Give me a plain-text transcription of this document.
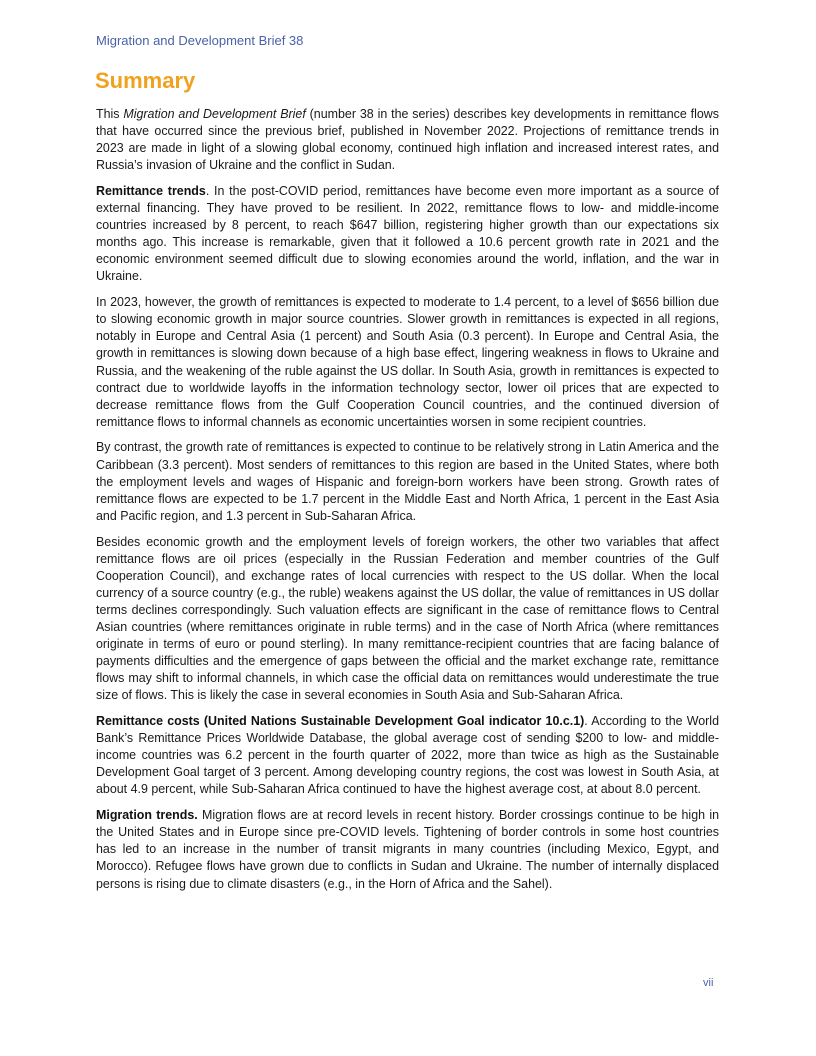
Migration and Development Brief 38
Summary

This Migration and Development Brief (number 38 in the series) describes key developments in remittance flows that have occurred since the previous brief, published in November 2022. Projections of remittance trends in 2023 are made in light of a slowing global economy, continued high inflation and increased interest rates, and Russia’s invasion of Ukraine and the conflict in Sudan.

Remittance trends. In the post-COVID period, remittances have become even more important as a source of external financing. They have proved to be resilient. In 2022, remittance flows to low- and middle-income countries increased by 8 percent, to reach $647 billion, registering higher growth than our expectations six months ago. This increase is remarkable, given that it followed a 10.6 percent growth rate in 2021 and the economic environment seemed difficult due to slowing economies around the world, inflation, and the war in Ukraine.

In 2023, however, the growth of remittances is expected to moderate to 1.4 percent, to a level of $656 billion due to slowing economic growth in major source countries. Slower growth in remittances is expected in all regions, notably in Europe and Central Asia (1 percent) and South Asia (0.3 percent). In Europe and Central Asia, the growth in remittances is slowing down because of a high base effect, lingering weakness in flows to Ukraine and Russia, and the weakening of the ruble against the US dollar. In South Asia, growth in remittances is expected to contract due to worldwide layoffs in the information technology sector, lower oil prices that are expected to decrease remittance flows from the Gulf Cooperation Council countries, and the continued diversion of remittance flows to informal channels as economic uncertainties worsen in some recipient countries.

By contrast, the growth rate of remittances is expected to continue to be relatively strong in Latin America and the Caribbean (3.3 percent). Most senders of remittances to this region are based in the United States, where both the employment levels and wages of Hispanic and foreign-born workers have been strong. Growth rates of remittance flows are expected to be 1.7 percent in the Middle East and North Africa, 1 percent in the East Asia and Pacific region, and 1.3 percent in Sub-Saharan Africa.

Besides economic growth and the employment levels of foreign workers, the other two variables that affect remittance flows are oil prices (especially in the Russian Federation and member countries of the Gulf Cooperation Council), and exchange rates of local currencies with respect to the US dollar. When the local currency of a source country (e.g., the ruble) weakens against the US dollar, the value of remittances in US dollar terms declines correspondingly. Such valuation effects are significant in the case of remittance flows to Central Asian countries (where remittances originate in ruble terms) and in the case of North Africa (where remittances originate in terms of euro or pound sterling). In many remittance-recipient countries that are facing balance of payments difficulties and the emergence of gaps between the official and the market exchange rate, remittance flows may shift to informal channels, in which case the official data on remittances would underestimate the true size of flows. This is likely the case in several economies in South Asia and Sub-Saharan Africa.

Remittance costs (United Nations Sustainable Development Goal indicator 10.c.1). According to the World Bank’s Remittance Prices Worldwide Database, the global average cost of sending $200 to low- and middle-income countries was 6.2 percent in the fourth quarter of 2022, more than twice as high as the Sustainable Development Goal target of 3 percent. Among developing country regions, the cost was lowest in South Asia, at about 4.9 percent, while Sub-Saharan Africa continued to have the highest average cost, at about 8.0 percent.

Migration trends. Migration flows are at record levels in recent history. Border crossings continue to be high in the United States and in Europe since pre-COVID levels. Tightening of border controls in some host countries has led to an increase in the number of transit migrants in many countries (including Mexico, Egypt, and Morocco). Refugee flows have grown due to conflicts in Sudan and Ukraine. The number of internally displaced persons is rising due to climate disasters (e.g., in the Horn of Africa and the Sahel).

vii
